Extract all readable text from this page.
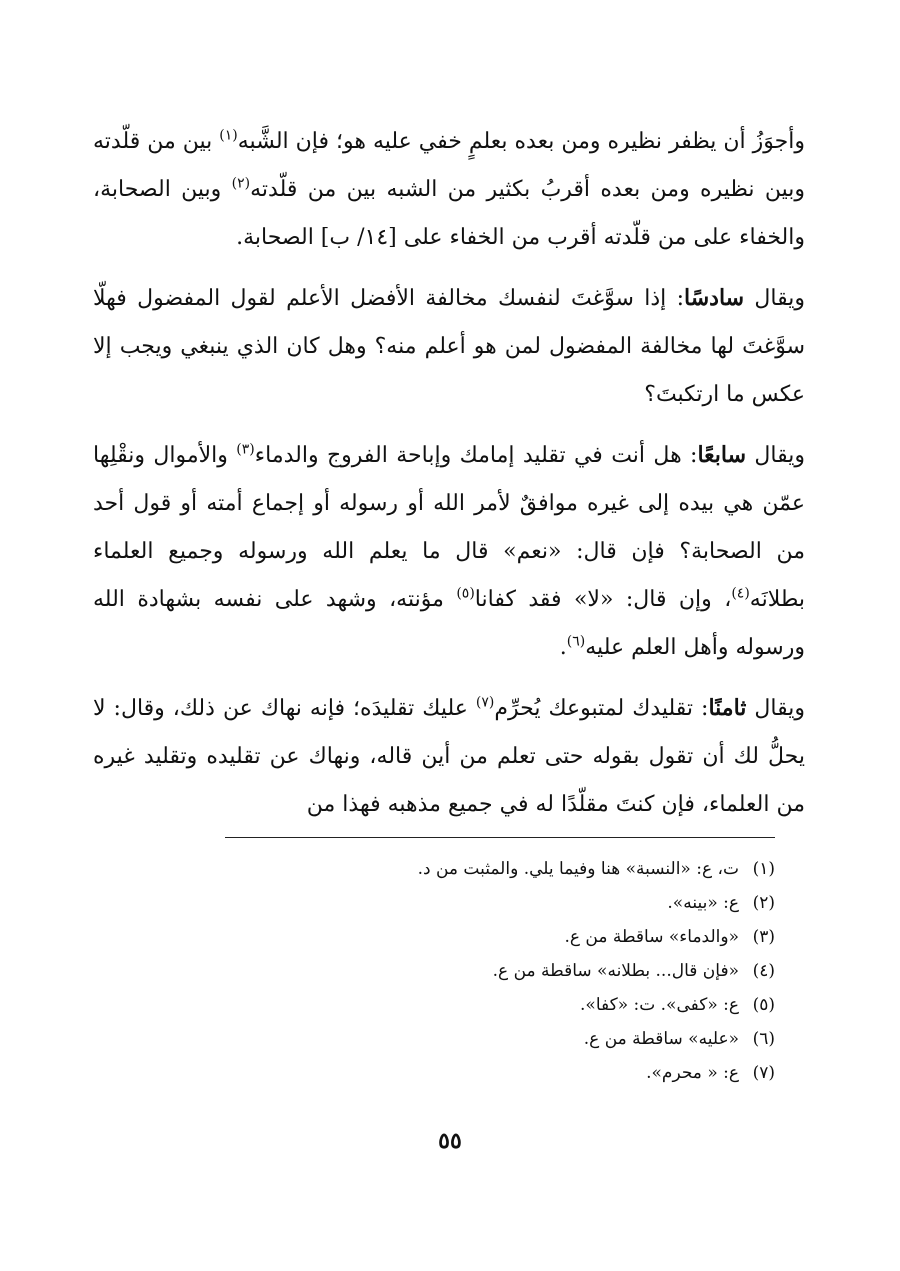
وأجوَزُ أن يظفر نظيره ومن بعده بعلمٍ خفي عليه هو؛ فإن الشَّبه$^{(١)}$ بين من قلّدته وبين نظيره ومن بعده أقربُ بكثير من الشبه بين من قلّدته$^{(٢)}$ وبين الصحابة، والخفاء على من قلّدته أقرب من الخفاء على [١٤/ ب] الصحابة.

ويقال سادسًا: إذا سوَّغتَ لنفسك مخالفة الأفضل الأعلم لقول المفضول فهلّا سوَّغتَ لها مخالفة المفضول لمن هو أعلم منه؟ وهل كان الذي ينبغي ويجب إلا عكس ما ارتكبتَ؟

ويقال سابعًا: هل أنت في تقليد إمامك وإباحة الفروج والدماء$^{(٣)}$ والأموال ونقْلِها عمّن هي بيده إلى غيره موافقٌ لأمر الله أو رسوله أو إجماع أمته أو قول أحد من الصحابة؟ فإن قال: «نعم» قال ما يعلم الله ورسوله وجميع العلماء بطلانَه$^{(٤)}$، وإن قال: «لا» فقد كفانا$^{(٥)}$ مؤنته، وشهد على نفسه بشهادة الله ورسوله وأهل العلم عليه$^{(٦)}$.

ويقال ثامنًا: تقليدك لمتبوعك يُحرِّم$^{(٧)}$ عليك تقليدَه؛ فإنه نهاك عن ذلك، وقال: لا يحلُّ لك أن تقول بقوله حتى تعلم من أين قاله، ونهاك عن تقليده وتقليد غيره من العلماء، فإن كنتَ مقلّدًا له في جميع مذهبه فهذا من

(١)ت، ع: «النسبة» هنا وفيما يلي. والمثبت من د.
(٢)ع: «بينه».
(٣)«والدماء» ساقطة من ع.
(٤)«فإن قال... بطلانه» ساقطة من ع.
(٥)ع: «كفى». ت: «كفا».
(٦)«عليه» ساقطة من ع.
(٧)ع: « محرم».
٥٥
